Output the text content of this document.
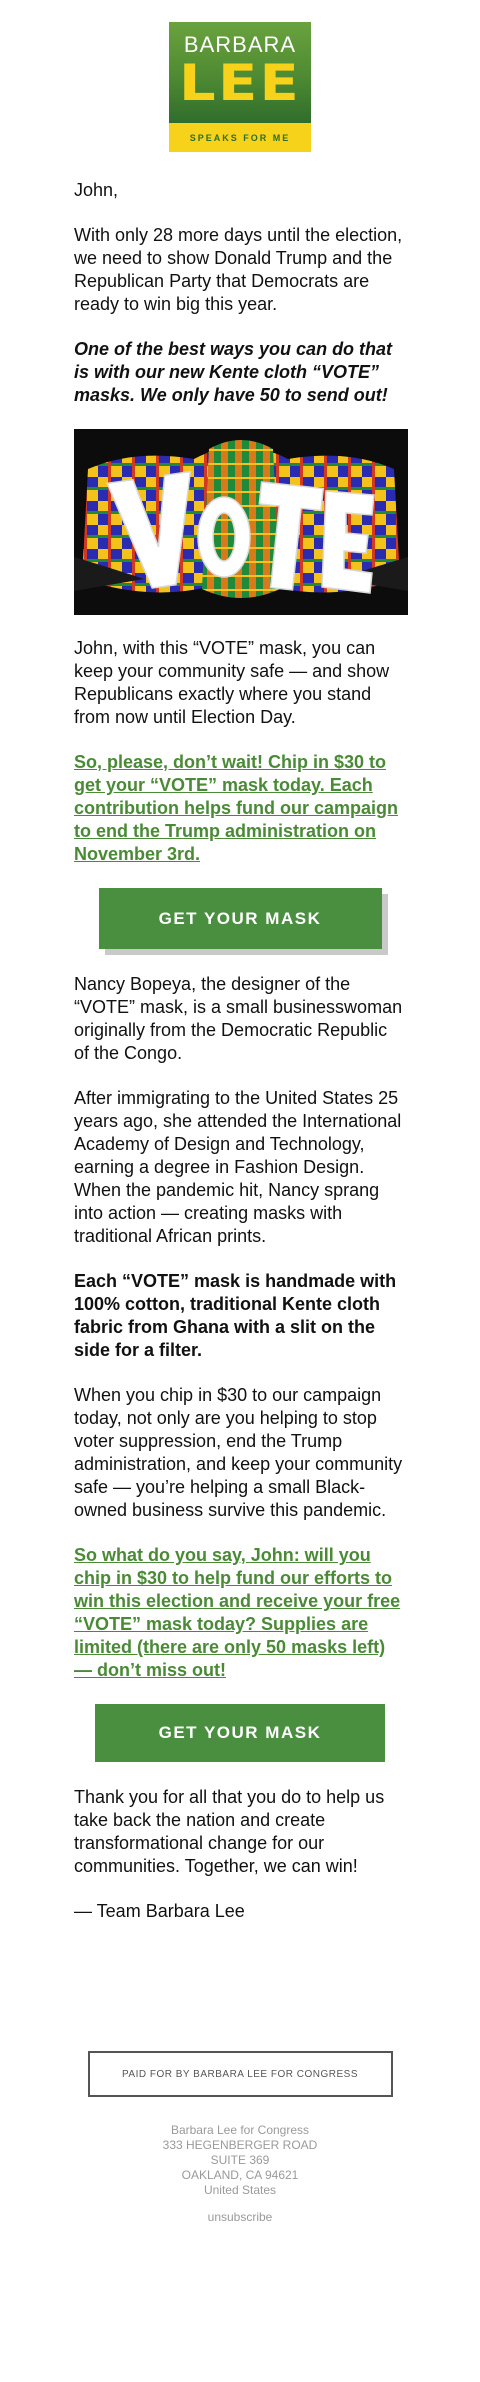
BARBARA
LEE
SPEAKS FOR ME

John,

With only 28 more days until the election, we need to show Donald Trump and the Republican Party that Democrats are ready to win big this year.

One of the best ways you can do that is with our new Kente cloth “VOTE” masks. We only have 50 to send out!

John, with this “VOTE” mask, you can keep your community safe — and show Republicans exactly where you stand from now until Election Day.

So, please, don’t wait! Chip in $30 to get your “VOTE” mask today. Each contribution helps fund our campaign to end the Trump administration on November 3rd.
GET YOUR MASK

Nancy Bopeya, the designer of the “VOTE” mask, is a small businesswoman originally from the Democratic Republic of the Congo.

After immigrating to the United States 25 years ago, she attended the International Academy of Design and Technology, earning a degree in Fashion Design. When the pandemic hit, Nancy sprang into action — creating masks with traditional African prints.

Each “VOTE” mask is handmade with 100% cotton, traditional Kente cloth fabric from Ghana with a slit on the side for a filter.

When you chip in $30 to our campaign today, not only are you helping to stop voter suppression, end the Trump administration, and keep your community safe — you’re helping a small Black-owned business survive this pandemic.

So what do you say, John: will you chip in $30 to help fund our efforts to win this election and receive your free “VOTE” mask today? Supplies are limited (there are only 50 masks left) — don’t miss out!
GET YOUR MASK

Thank you for all that you do to help us take back the nation and create transformational change for our communities. Together, we can win!

— Team Barbara Lee

PAID FOR BY BARBARA LEE FOR CONGRESS
Barbara Lee for Congress
333 HEGENBERGER ROAD
SUITE 369
OAKLAND, CA 94621
United States
unsubscribe
